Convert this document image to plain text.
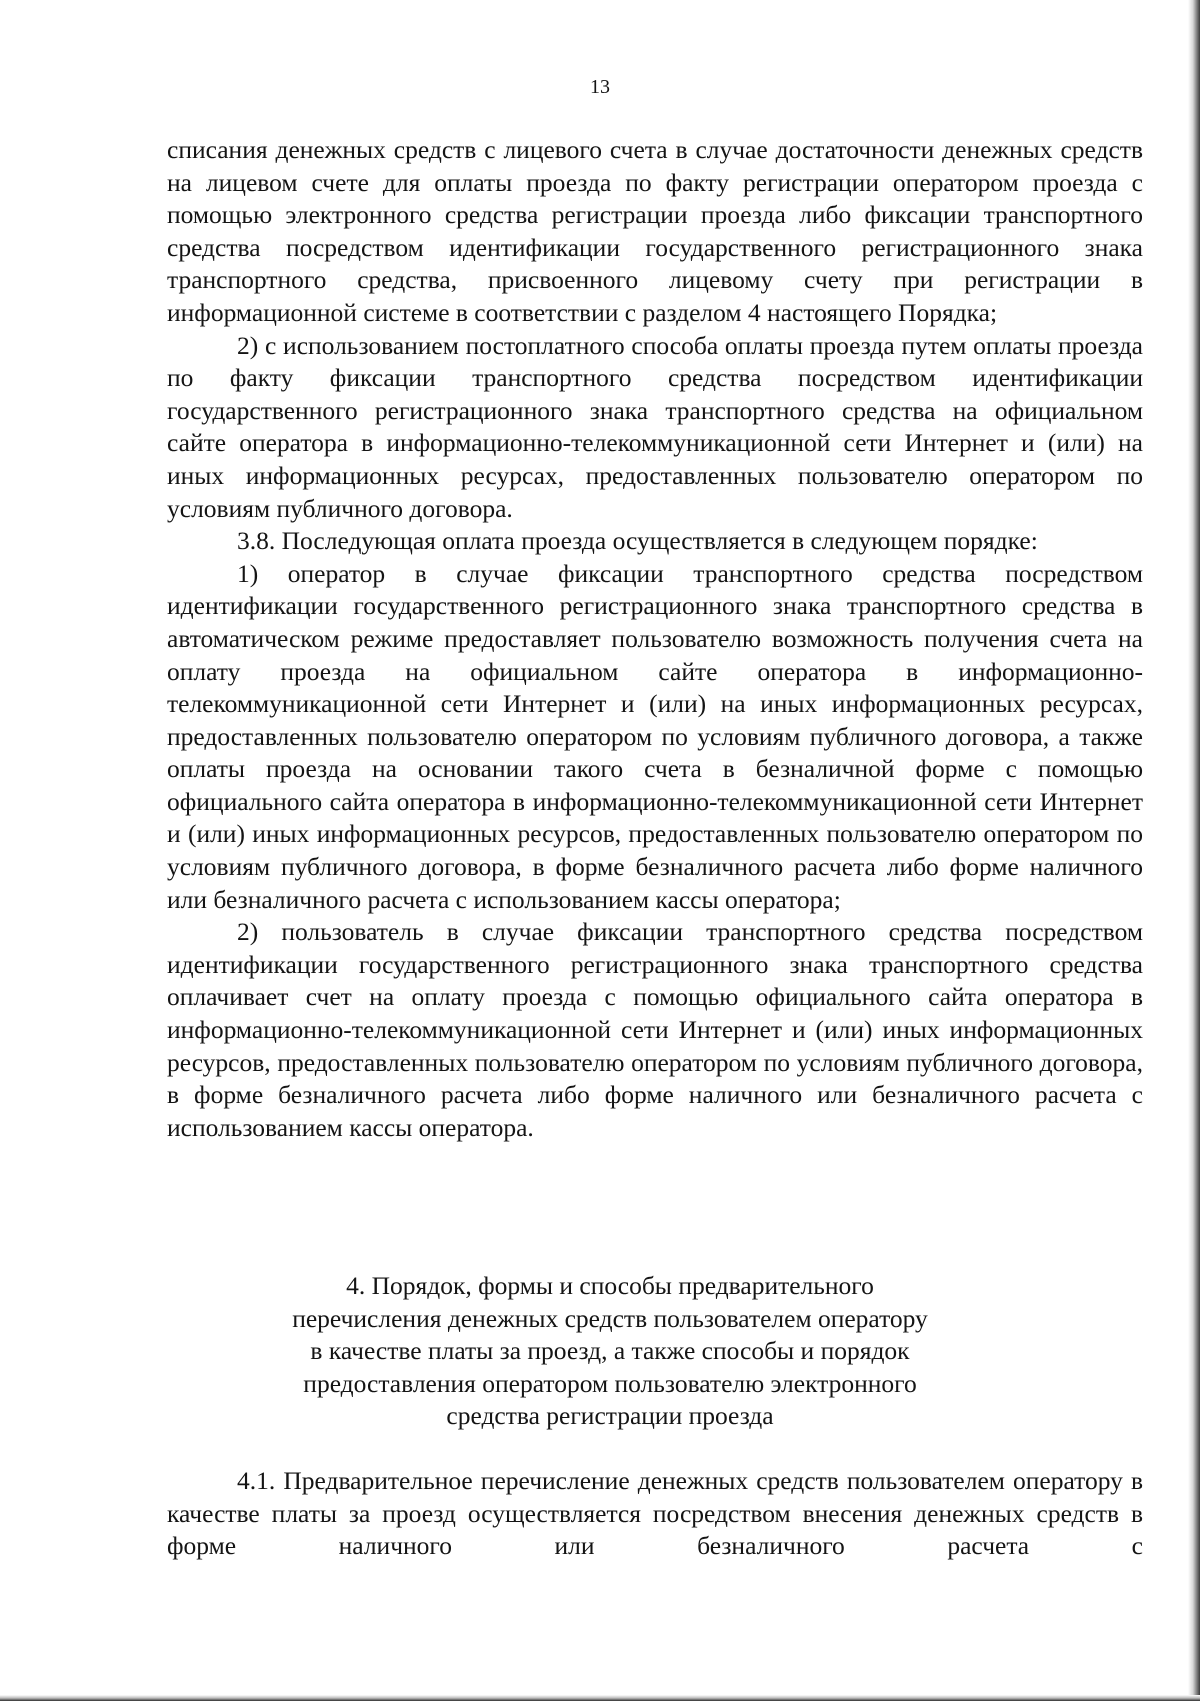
13

списания денежных средств с лицевого счета в случае достаточности денежных средств на лицевом счете для оплаты проезда по факту регистрации оператором проезда с помощью электронного средства регистрации проезда либо фиксации транспортного средства посредством идентификации государственного регистрационного знака транспортного средства, присвоенного лицевому счету при регистрации в информационной системе в соответствии с разделом 4 настоящего Порядка;

2) с использованием постоплатного способа оплаты проезда путем оплаты проезда по факту фиксации транспортного средства посредством идентификации государственного регистрационного знака транспортного средства на официальном сайте оператора в информационно-телекоммуникационной сети Интернет и (или) на иных информационных ресурсах, предоставленных пользователю оператором по условиям публичного договора.

3.8. Последующая оплата проезда осуществляется в следующем порядке:

1) оператор в случае фиксации транспортного средства посредством идентификации государственного регистрационного знака транспортного средства в автоматическом режиме предоставляет пользователю возможность получения счета на оплату проезда на официальном сайте оператора в информационно-телекоммуникационной сети Интернет и (или) на иных информационных ресурсах, предоставленных пользователю оператором по условиям публичного договора, а также оплаты проезда на основании такого счета в безналичной форме с помощью официального сайта оператора в информационно-телекоммуникационной сети Интернет и (или) иных информационных ресурсов, предоставленных пользователю оператором по условиям публичного договора, в форме безналичного расчета либо форме наличного или безналичного расчета с использованием кассы оператора;

2) пользователь в случае фиксации транспортного средства посредством идентификации государственного регистрационного знака транспортного средства оплачивает счет на оплату проезда с помощью официального сайта оператора в информационно-телекоммуникационной сети Интернет и (или) иных информационных ресурсов, предоставленных пользователю оператором по условиям публичного договора, в форме безналичного расчета либо форме наличного или безналичного расчета с использованием кассы оператора.

4. Порядок, формы и способы предварительного
перечисления денежных средств пользователем оператору
в качестве платы за проезд, а также способы и порядок
предоставления оператором пользователю электронного
средства регистрации проезда

4.1. Предварительное перечисление денежных средств пользователем оператору в качестве платы за проезд осуществляется посредством внесения денежных средств в форме наличного или безналичного расчета с
